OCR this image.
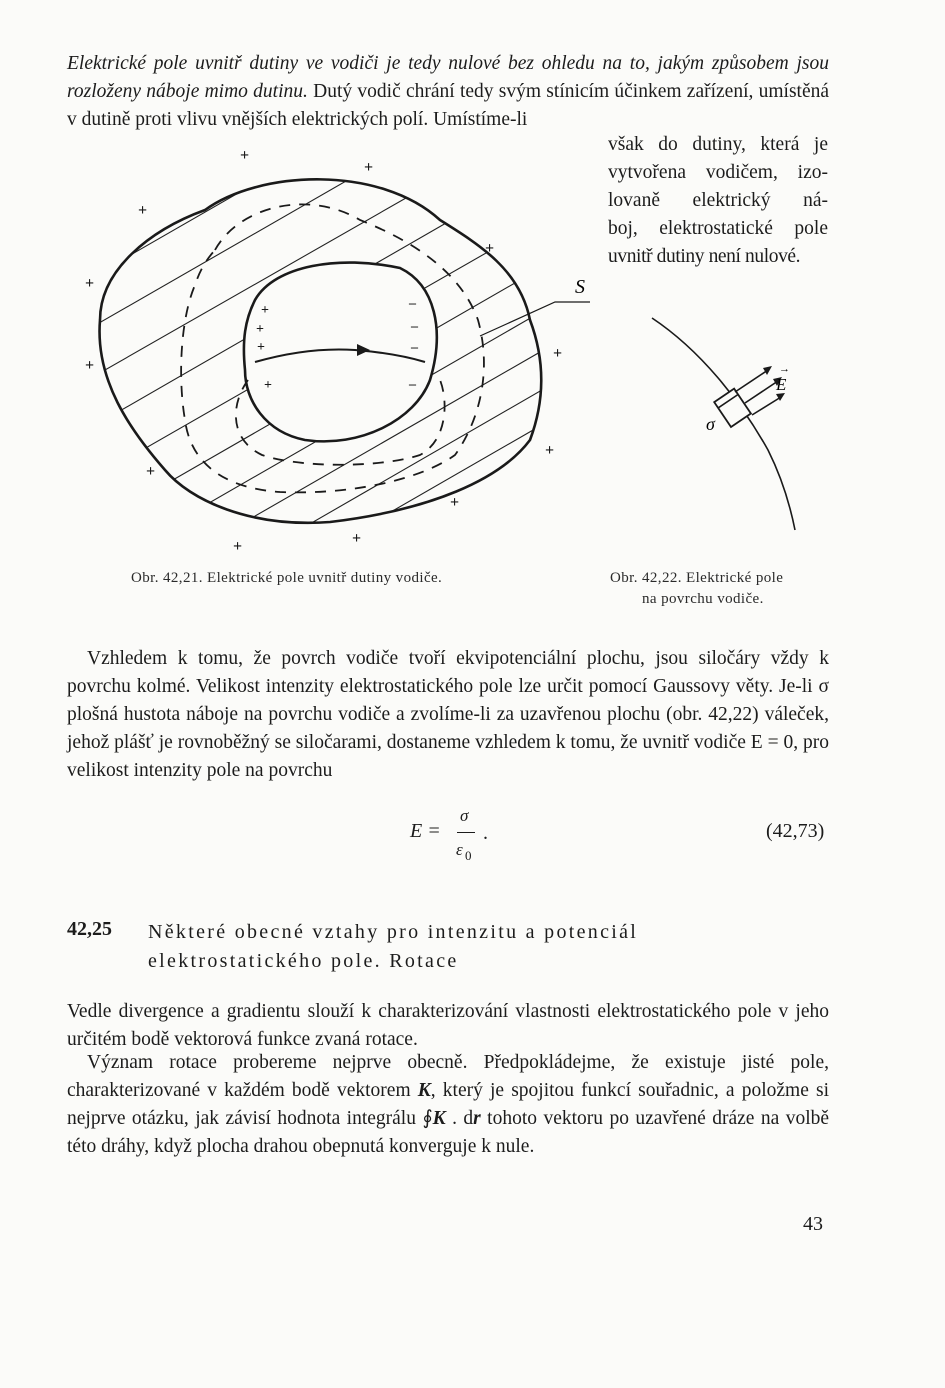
Elektrické pole uvnitř dutiny ve vodiči je tedy nulové bez ohledu na to, jakým způsobem jsou rozloženy náboje mimo dutinu. Dutý vodič chrání tedy svým stínicím účinkem zařízení, umístěná v dutině proti vlivu vnějších elektrických polí. Umístíme-li

však do dutiny, která je

vytvořena vodičem, izo-

lovaně elektrický ná-

boj, elektrostatické pole

uvnitř dutiny není nulové.

S
+
+
+
+
+
+
+
+
+
+
+
+
+
+
+
+
–
–
–
–	E
→
σ
Obr. 42,21. Elektrické pole uvnitř dutiny vodiče.	Obr. 42,22. Elektrické pole
na povrchu vodiče.

Vzhledem k tomu, že povrch vodiče tvoří ekvipotenciální plochu, jsou siločáry vždy k povrchu kolmé. Velikost intenzity elektrostatického pole lze určit pomocí Gaussovy věty. Je-li σ plošná hustota náboje na povrchu vodiče a zvolíme-li za uzavřenou plochu (obr. 42,22) váleček, jehož plášť je rovnoběžný se siločarami, dostaneme vzhledem k tomu, že uvnitř vodiče E = 0, pro velikost intenzity pole na povrchu

E =
σ
ε 0
.	(42,73)
42,25 Některé obecné vztahy pro intenzitu a potenciál elektrostatického pole. Rotace

Vedle divergence a gradientu slouží k charakterizování vlastnosti elektrostatického pole v jeho určitém bodě vektorová funkce zvaná rotace.

Význam rotace probereme nejprve obecně. Předpokládejme, že existuje jisté pole, charakterizované v každém bodě vektorem K, který je spojitou funkcí souřadnic, a položme si nejprve otázku, jak závisí hodnota integrálu ∮K . dr tohoto vektoru po uzavřené dráze na volbě této dráhy, když plocha drahou obepnutá konverguje k nule.

43
